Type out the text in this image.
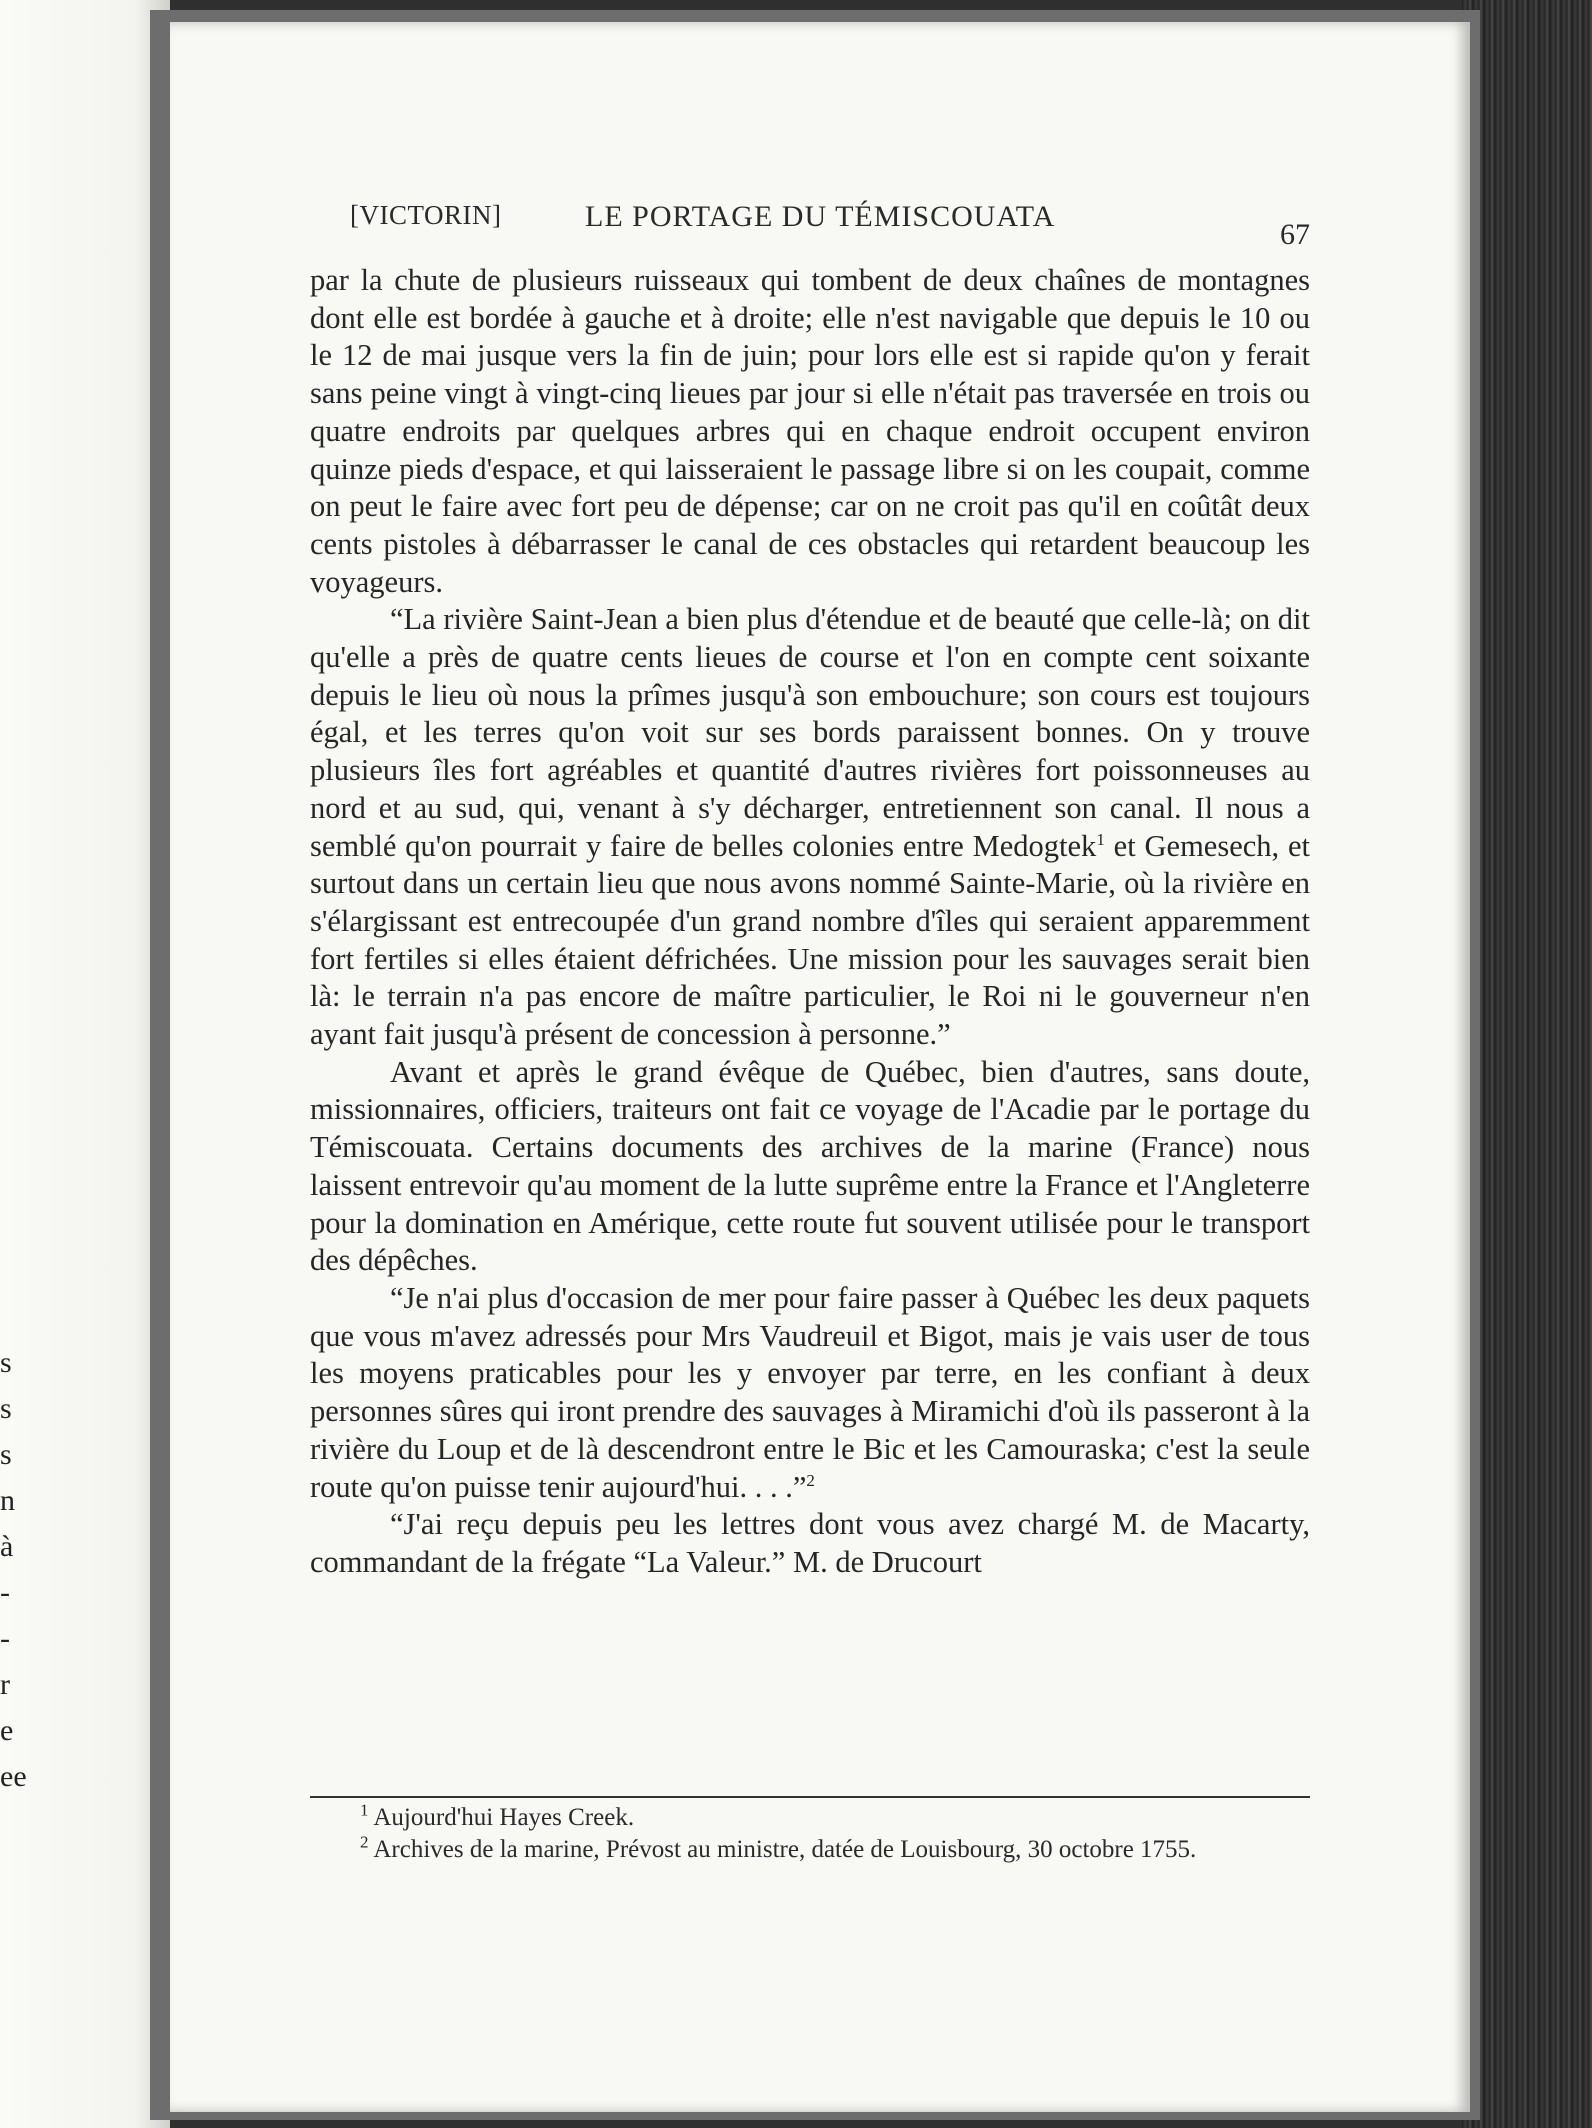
s
s
s
n
à
-
-
r
e
ee
[VICTORIN]	LE PORTAGE DU TÉMISCOUATA
67

par la chute de plusieurs ruisseaux qui tombent de deux chaînes de montagnes dont elle est bordée à gauche et à droite; elle n'est navigable que depuis le 10 ou le 12 de mai jusque vers la fin de juin; pour lors elle est si rapide qu'on y ferait sans peine vingt à vingt-cinq lieues par jour si elle n'était pas traversée en trois ou quatre endroits par quelques arbres qui en chaque endroit occupent environ quinze pieds d'espace, et qui laisseraient le passage libre si on les coupait, comme on peut le faire avec fort peu de dépense; car on ne croit pas qu'il en coûtât deux cents pistoles à débarrasser le canal de ces obstacles qui retardent beaucoup les voyageurs.

“La rivière Saint-Jean a bien plus d'étendue et de beauté que celle-là; on dit qu'elle a près de quatre cents lieues de course et l'on en compte cent soixante depuis le lieu où nous la prîmes jusqu'à son embouchure; son cours est toujours égal, et les terres qu'on voit sur ses bords paraissent bonnes. On y trouve plusieurs îles fort agréables et quantité d'autres rivières fort poissonneuses au nord et au sud, qui, venant à s'y décharger, entretiennent son canal. Il nous a semblé qu'on pourrait y faire de belles colonies entre Medogtek$^1$ et Gemesech, et surtout dans un certain lieu que nous avons nommé Sainte-Marie, où la rivière en s'élargissant est entrecoupée d'un grand nombre d'îles qui seraient apparemment fort fertiles si elles étaient défrichées. Une mission pour les sauvages serait bien là: le terrain n'a pas encore de maître particulier, le Roi ni le gouverneur n'en ayant fait jusqu'à présent de concession à personne.”

Avant et après le grand évêque de Québec, bien d'autres, sans doute, missionnaires, officiers, traiteurs ont fait ce voyage de l'Acadie par le portage du Témiscouata. Certains documents des archives de la marine (France) nous laissent entrevoir qu'au moment de la lutte suprême entre la France et l'Angleterre pour la domination en Amérique, cette route fut souvent utilisée pour le transport des dépêches.

“Je n'ai plus d'occasion de mer pour faire passer à Québec les deux paquets que vous m'avez adressés pour Mrs Vaudreuil et Bigot, mais je vais user de tous les moyens praticables pour les y envoyer par terre, en les confiant à deux personnes sûres qui iront prendre des sauvages à Miramichi d'où ils passeront à la rivière du Loup et de là descendront entre le Bic et les Camouraska; c'est la seule route qu'on puisse tenir aujourd'hui. . . .”$^2$

“J'ai reçu depuis peu les lettres dont vous avez chargé M. de Macarty, commandant de la frégate “La Valeur.” M. de Drucourt

$^1$ Aujourd'hui Hayes Creek.

$^2$ Archives de la marine, Prévost au ministre, datée de Louisbourg, 30 octobre 1755.
